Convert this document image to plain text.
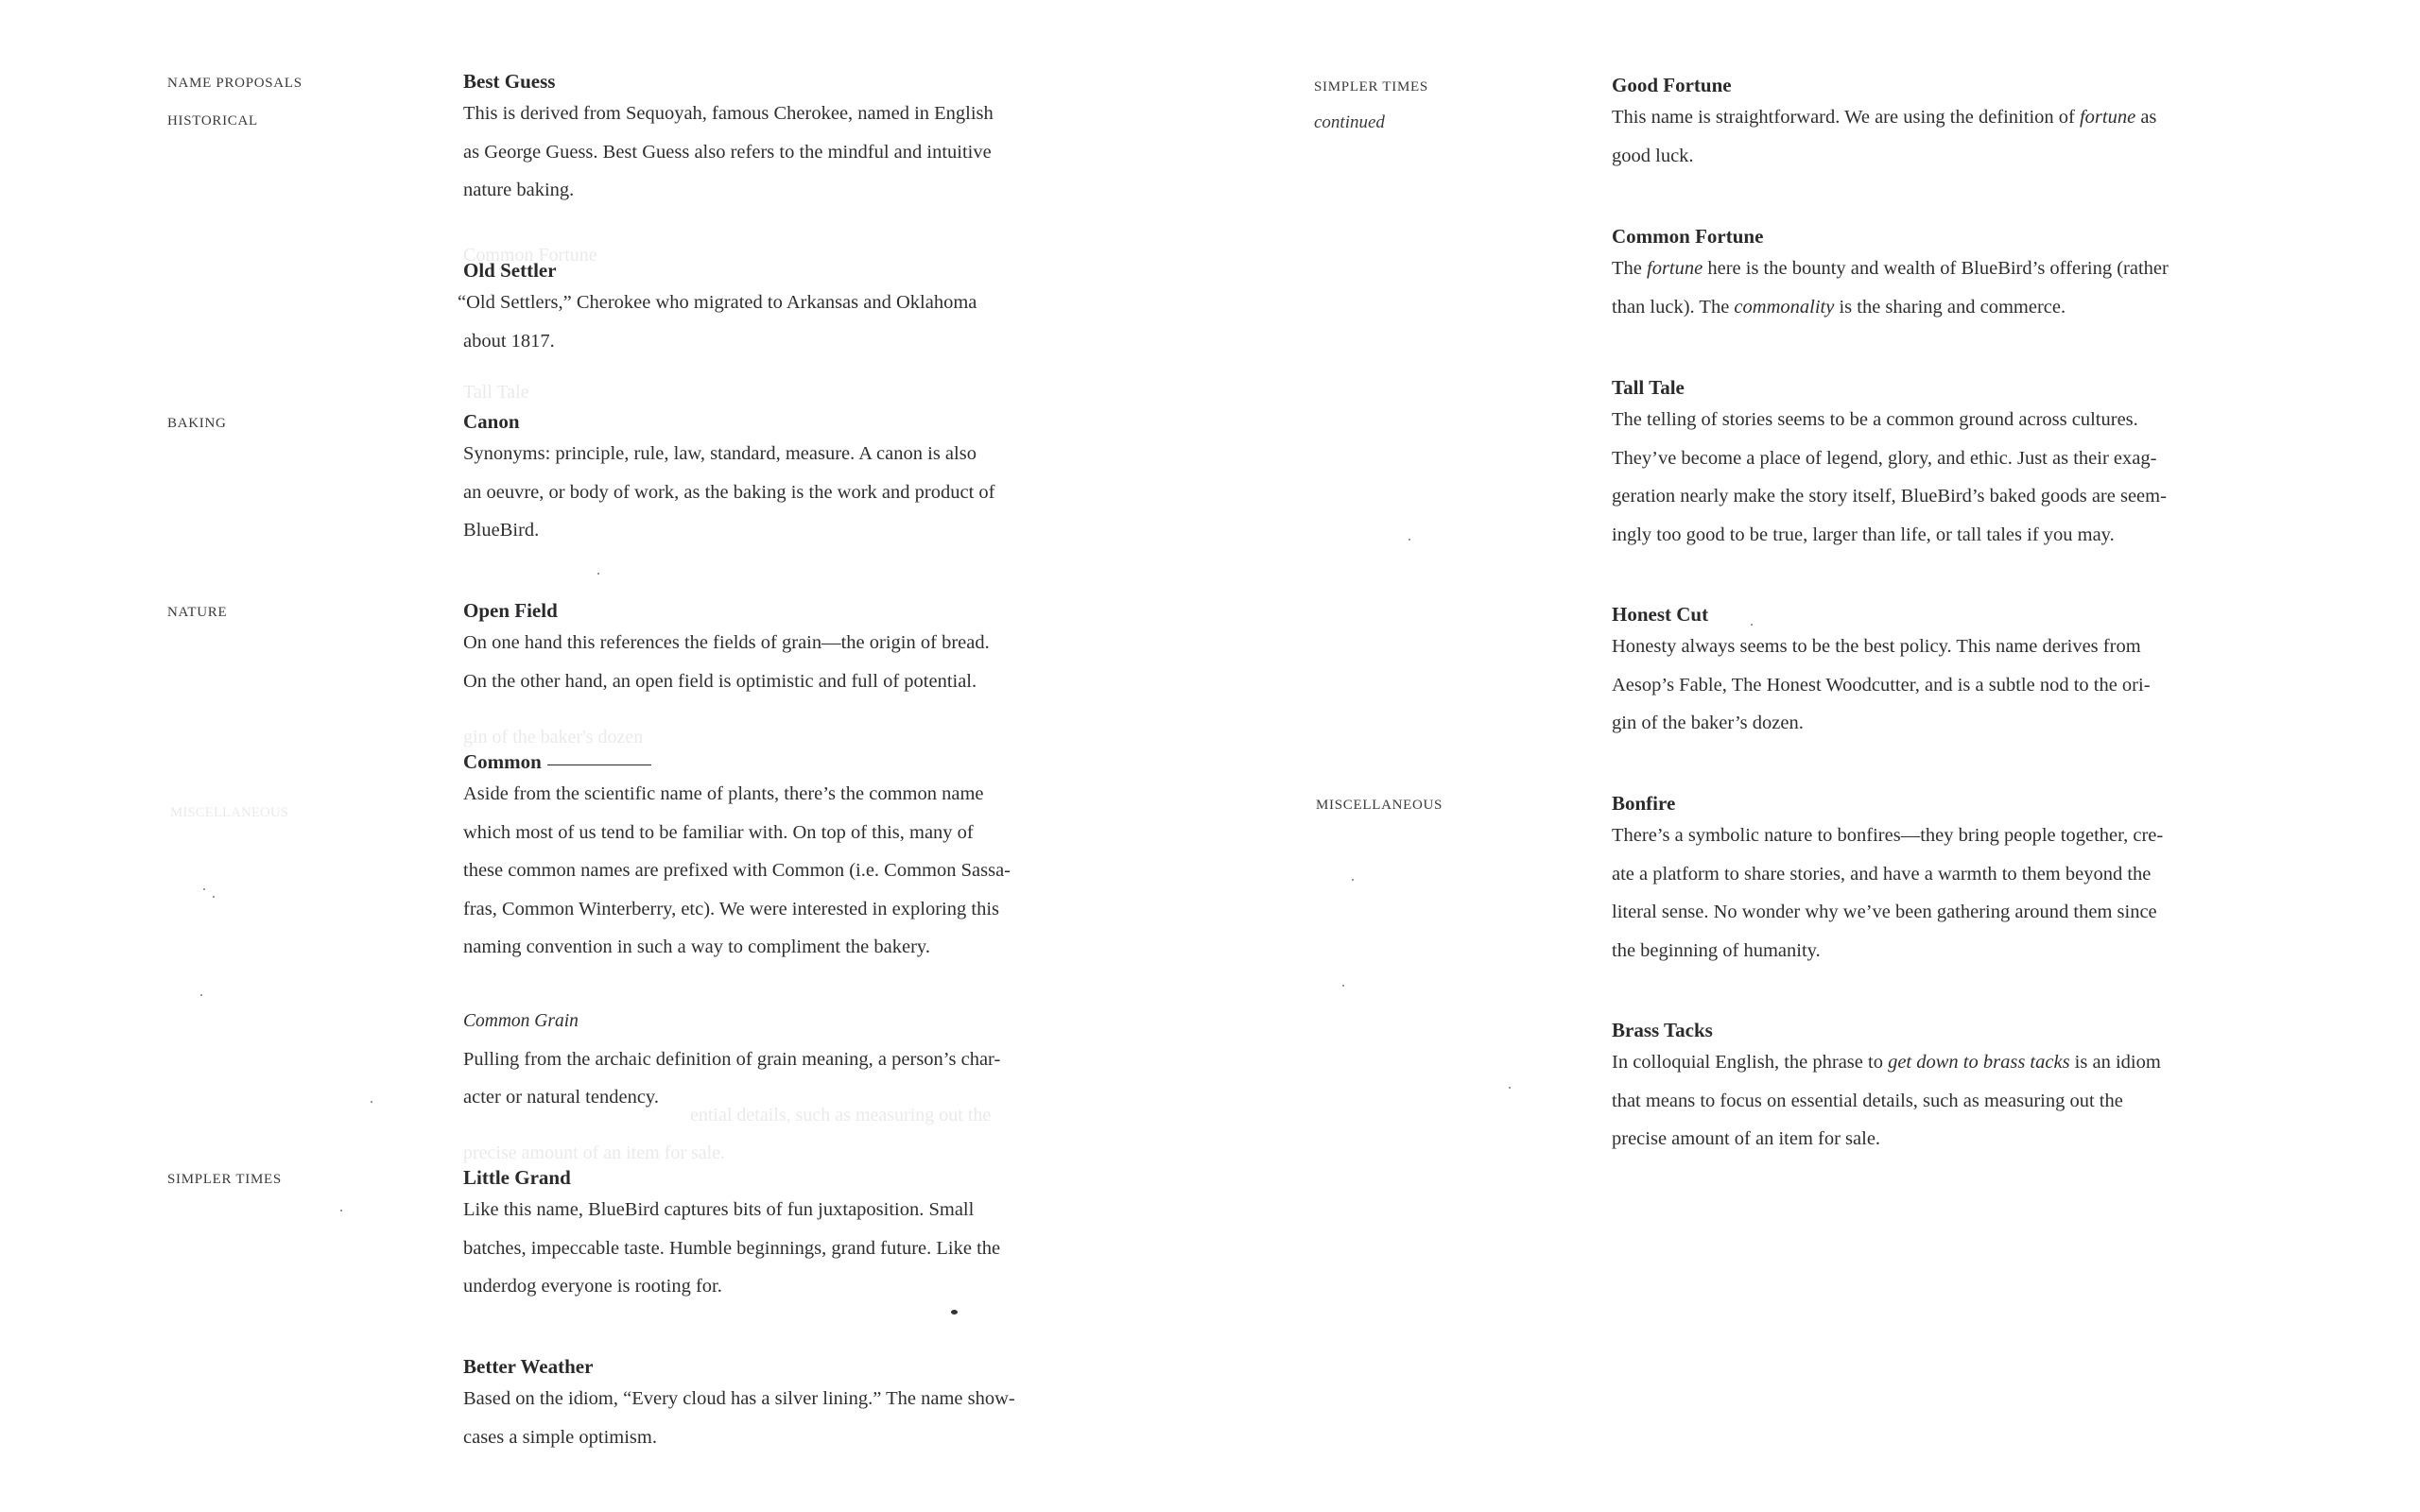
Common Fortune
Tall Tale
gin of the baker's dozen
MISCELLANEOUS
ential details, such as measuring out the
precise amount of an item for sale.
NAME PROPOSALS
HISTORICAL
BAKING
NATURE
SIMPLER TIMES
Best Guess

This is derived from Sequoyah, famous Cherokee, named in English

as George Guess. Best Guess also refers to the mindful and intuitive

nature baking.

Old Settler

“Old Settlers,” Cherokee who migrated to Arkansas and Oklahoma

about 1817.

Canon

Synonyms: principle, rule, law, standard, measure. A canon is also

an oeuvre, or body of work, as the baking is the work and product of

BlueBird.

Open Field

On one hand this references the fields of grain—the origin of bread.

On the other hand, an open field is optimistic and full of potential.

Common

Aside from the scientific name of plants, there’s the common name

which most of us tend to be familiar with. On top of this, many of

these common names are prefixed with Common (i.e. Common Sassa-

fras, Common Winterberry, etc). We were interested in exploring this

naming convention in such a way to compliment the bakery.

Common Grain

Pulling from the archaic definition of grain meaning, a person’s char-

acter or natural tendency.

Little Grand

Like this name, BlueBird captures bits of fun juxtaposition. Small

batches, impeccable taste. Humble beginnings, grand future. Like the

underdog everyone is rooting for.

Better Weather

Based on the idiom, “Every cloud has a silver lining.” The name show-

cases a simple optimism.

SIMPLER TIMES
continued
MISCELLANEOUS
Good Fortune

This name is straightforward. We are using the definition of fortune as

good luck.

Common Fortune

The fortune here is the bounty and wealth of BlueBird’s offering (rather

than luck). The commonality is the sharing and commerce.

Tall Tale

The telling of stories seems to be a common ground across cultures.

They’ve become a place of legend, glory, and ethic. Just as their exag-

geration nearly make the story itself, BlueBird’s baked goods are seem-

ingly too good to be true, larger than life, or tall tales if you may.

Honest Cut

Honesty always seems to be the best policy. This name derives from

Aesop’s Fable, The Honest Woodcutter, and is a subtle nod to the ori-

gin of the baker’s dozen.

Bonfire

There’s a symbolic nature to bonfires—they bring people together, cre-

ate a platform to share stories, and have a warmth to them beyond the

literal sense. No wonder why we’ve been gathering around them since

the beginning of humanity.

Brass Tacks

In colloquial English, the phrase to get down to brass tacks is an idiom

that means to focus on essential details, such as measuring out the

precise amount of an item for sale.
